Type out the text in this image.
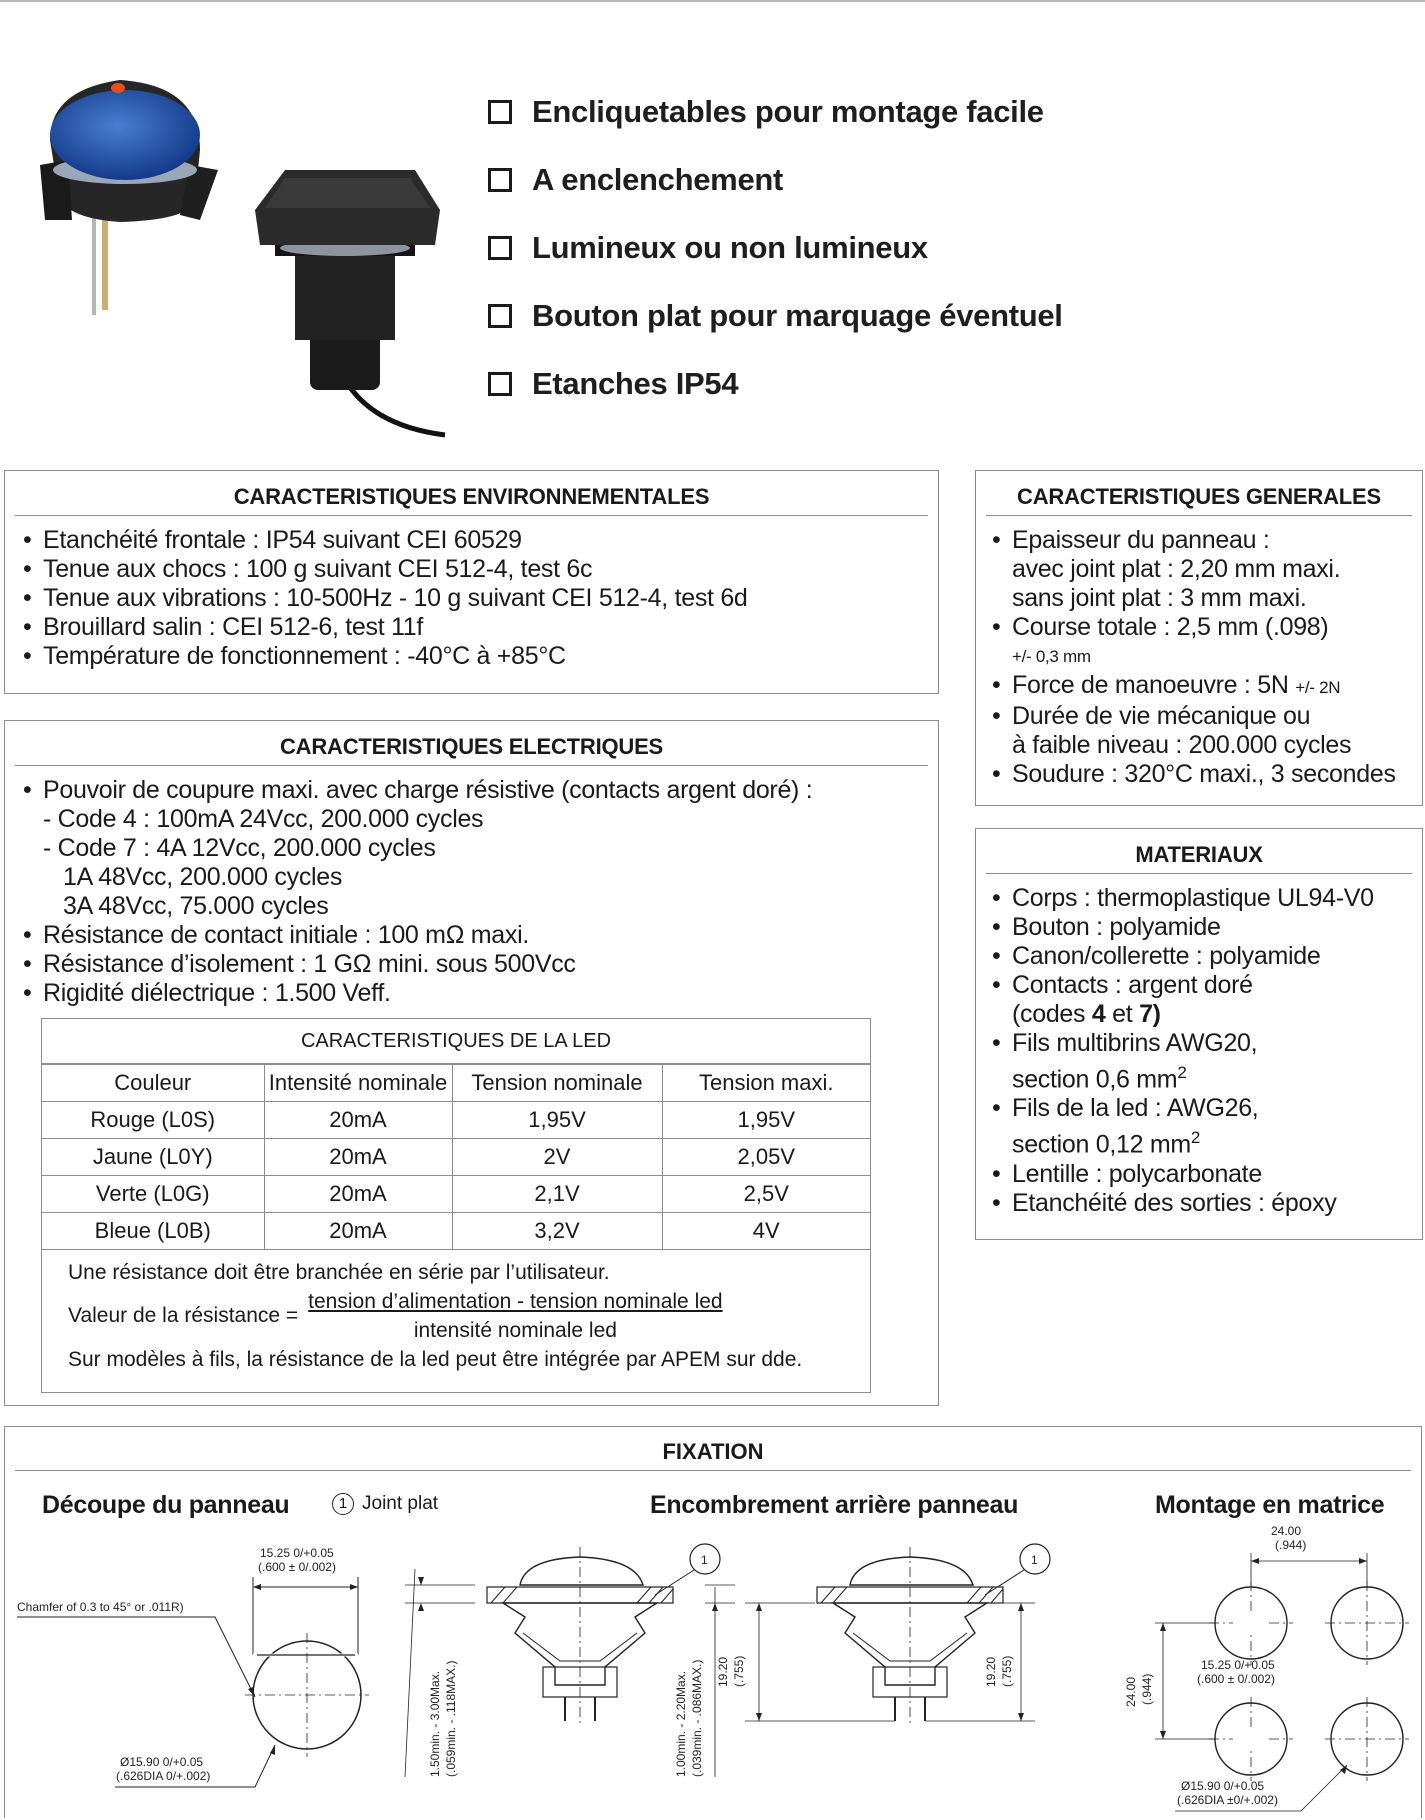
Encliquetables pour montage facile
A enclenchement
Lumineux ou non lumineux
Bouton plat pour marquage éventuel
Etanches IP54
CARACTERISTIQUES ENVIRONNEMENTALES
• Etanchéité frontale : IP54 suivant CEI 60529
• Tenue aux chocs : 100 g suivant CEI 512-4, test 6c
• Tenue aux vibrations : 10-500Hz - 10 g suivant CEI 512-4, test 6d
• Brouillard salin : CEI 512-6, test 11f
• Température de fonctionnement : -40°C à +85°C
CARACTERISTIQUES ELECTRIQUES
• Pouvoir de coupure maxi. avec charge résistive (contacts argent doré) :
- Code 4 : 100mA 24Vcc, 200.000 cycles
- Code 7 : 4A 12Vcc, 200.000 cycles
1A 48Vcc, 200.000 cycles
3A 48Vcc, 75.000 cycles
• Résistance de contact initiale : 100 mΩ maxi.
• Résistance d’isolement : 1 GΩ mini. sous 500Vcc
• Rigidité diélectrique : 1.500 Veff.
CARACTERISTIQUES DE LA LED
Couleur	Intensité nominale	Tension nominale	Tension maxi.
Rouge (L0S)	20mA	1,95V	1,95V
Jaune (L0Y)	20mA	2V	2,05V
Verte (L0G)	20mA	2,1V	2,5V
Bleue (L0B)	20mA	3,2V	4V
Une résistance doit être branchée en série par l’utilisateur.
Valeur de la résistance = $\frac{\text{tension d’alimentation - tension nominale led}}{\text{intensité nominale led}}$
Sur modèles à fils, la résistance de la led peut être intégrée par APEM sur dde.
CARACTERISTIQUES GENERALES
• Epaisseur du panneau :
avec joint plat : 2,20 mm maxi.
sans joint plat : 3 mm maxi.
• Course totale : 2,5 mm (.098)
+/- 0,3 mm
• Force de manoeuvre : 5N +/- 2N
• Durée de vie mécanique ou
à faible niveau : 200.000 cycles
• Soudure : 320°C maxi., 3 secondes
MATERIAUX
• Corps : thermoplastique UL94-V0
• Bouton : polyamide
• Canon/collerette : polyamide
• Contacts : argent doré
(codes 4 et 7)
• Fils multibrins AWG20,
section 0,6 $mm^2$
• Fils de la led : AWG26,
section 0,12 $mm^2$
• Lentille : polycarbonate
• Etanchéité des sorties : époxy
FIXATION
Découpe du panneau	1 Joint plat	Encombrement arrière panneau	Montage en matrice
15.25 0/+0.05
(.600 ± 0/.002)
Chamfer of 0.3 to 45° or .011R)
Ø15.90 0/+0.05
(.626DIA 0/+.002)
1
1.50min. - 3.00Max. (.059min. - .118MAX.)	1.00min. - 2.20Max. (.039min. - .086MAX.)
1
19.20 (.755)	19.20 (.755)
24.00
(.944)
24.00 (.944)
15.25 0/+0.05
(.600 ± 0/.002)
Ø15.90 0/+0.05
(.626DIA ±0/+.002)
